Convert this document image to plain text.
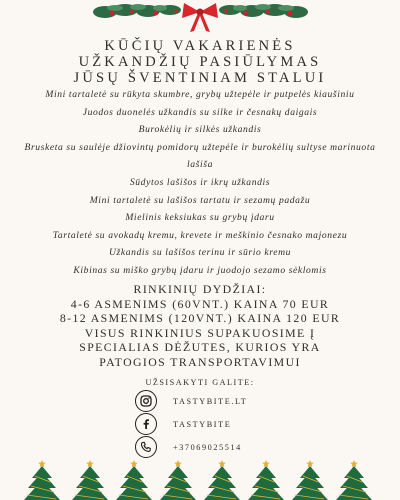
KŪČIŲ VAKARIENĖS
UŽKANDŽIŲ PASIŪLYMAS
JŪSŲ ŠVENTINIAM STALUI
Mini tartaletė su rūkyta skumbre, grybų užtepėle ir putpelės kiaušiniu
Juodos duonelės užkandis su silke ir česnakų daigais
Burokėlių ir silkės užkandis
Brusketa su saulėje džiovintų pomidorų užtepėle ir burokėlių sultyse marinuota
lašiša
Sūdytos lašišos ir ikrų užkandis
Mini tartaletė su lašišos tartatu ir sezamų padažu
Mielinis keksiukas su grybų įdaru
Tartaletė su avokadų kremu, krevete ir meškinio česnako majonezu
Užkandis su lašišos terinu ir sūrio kremu
Kibinas su miško grybų įdaru ir juodojo sezamo sėklomis
RINKINIŲ DYDŽIAI:
4-6 ASMENIMS (60VNT.) KAINA 70 EUR
8-12 ASMENIMS (120VNT.) KAINA 120 EUR
VISUS RINKINIUS SUPAKUOSIME Į
SPECIALIAS DĖŽUTES, KURIOS YRA
PATOGIOS TRANSPORTAVIMUI
UŽSISAKYTI GALITE:
TASTYBITE.LT
TASTYBITE
+37069025514
